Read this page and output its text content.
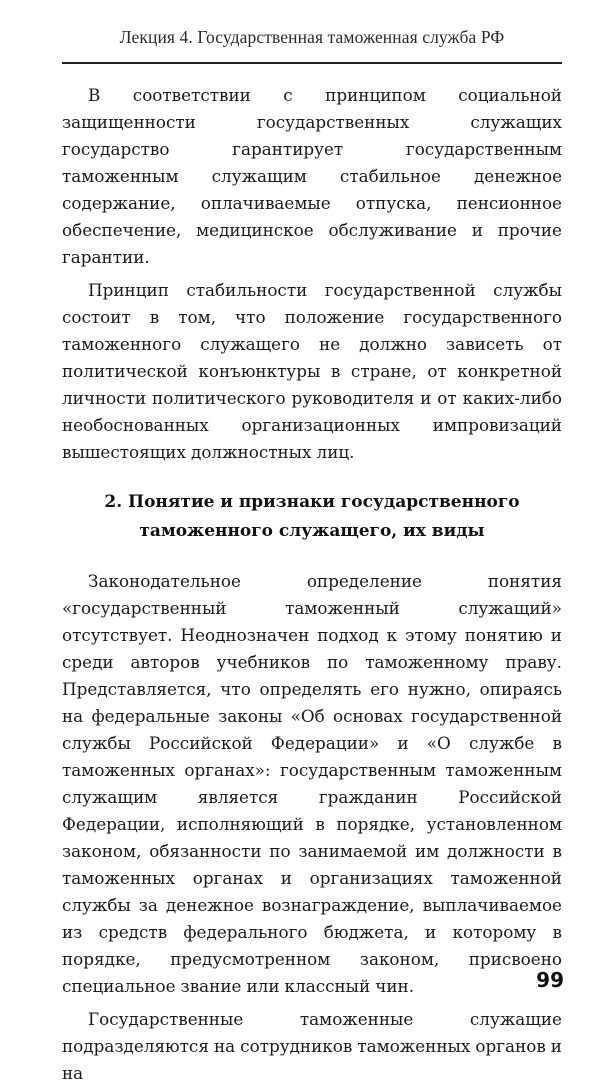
Лекция 4. Государственная таможенная служба РФ

В соответствии с принципом социальной защищенности государственных служащих государство гарантирует государственным таможенным служащим стабильное денежное содержание, оплачиваемые отпуска, пенсионное обеспечение, медицинское обслуживание и прочие гарантии.

Принцип стабильности государственной службы состоит в том, что положение государственного таможенного служащего не должно зависеть от политической конъюнктуры в стране, от конкретной личности политического руководителя и от каких-либо необоснованных организационных импровизаций вышестоящих должностных лиц.

2. Понятие и признаки государственного таможенного служащего, их виды

Законодательное определение понятия «государственный таможенный служащий» отсутствует. Неоднозначен подход к этому понятию и среди авторов учебников по таможенному праву. Представляется, что определять его нужно, опираясь на федеральные законы «Об основах государственной службы Российской Федерации» и «О службе в таможенных органах»: государственным таможенным служащим является гражданин Российской Федерации, исполняющий в порядке, установленном законом, обязанности по занимаемой им должности в таможенных органах и организациях таможенной службы за денежное вознаграждение, выплачиваемое из средств федерального бюджета, и которому в порядке, предусмотренном законом, присвоено специальное звание или классный чин.

Государственные таможенные служащие подразделяются на сотрудников таможенных органов и на

99
